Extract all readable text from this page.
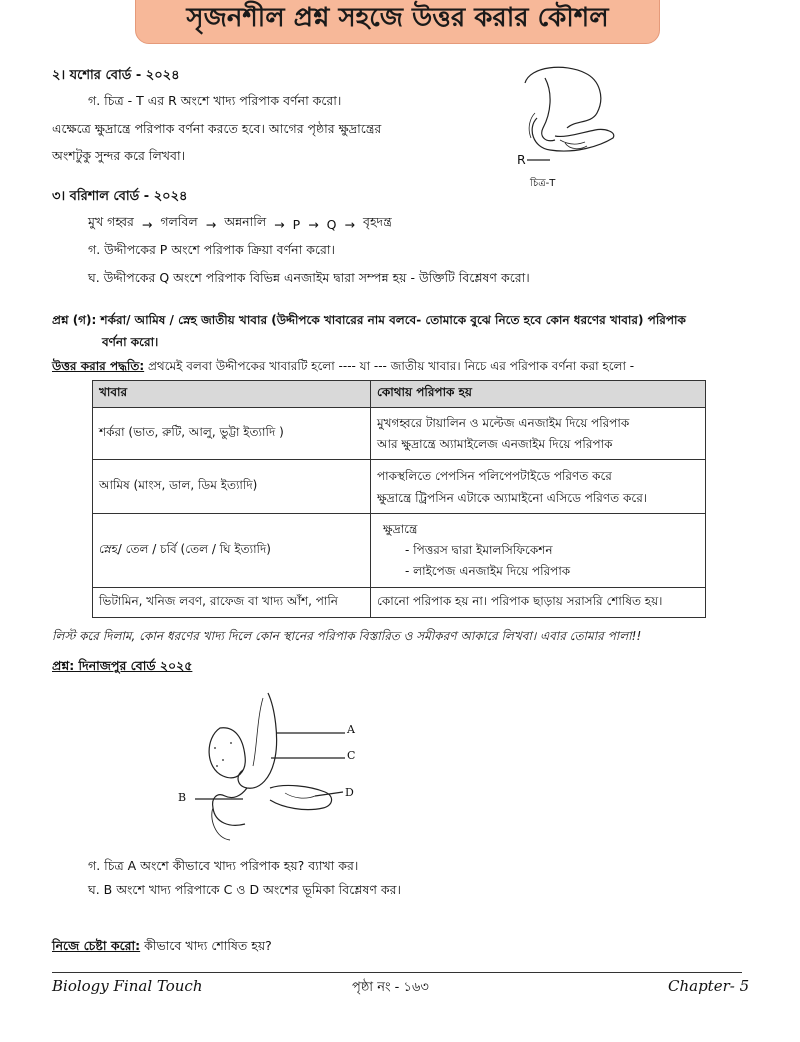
সৃজনশীল প্রশ্ন সহজে উত্তর করার কৌশল
২। যশোর বোর্ড - ২০২৪
গ. চিত্র - T এর R অংশে খাদ্য পরিপাক বর্ণনা করো।
এক্ষেত্রে ক্ষুদ্রান্ত্রে পরিপাক বর্ণনা করতে হবে। আগের পৃষ্ঠার ক্ষুদ্রান্ত্রের
অংশটুকু সুন্দর করে লিখবা।	R
চিত্র-T
৩। বরিশাল বোর্ড - ২০২৪
মুখ গহ্বর → গলবিল → অন্ননালি → P → Q → বৃহদন্ত্র
গ. উদ্দীপকের P অংশে পরিপাক ক্রিয়া বর্ণনা করো।
ঘ. উদ্দীপকের Q অংশে পরিপাক বিভিন্ন এনজাইম দ্বারা সম্পন্ন হয় - উক্তিটি বিশ্লেষণ করো।
প্রশ্ন (গ): শর্করা/ আমিষ / স্নেহ জাতীয় খাবার (উদ্দীপকে খাবারের নাম বলবে- তোমাকে বুঝে নিতে হবে কোন ধরণের খাবার) পরিপাক
বর্ণনা করো।
উত্তর করার পদ্ধতি: প্রথমেই বলবা উদ্দীপকের খাবারটি হলো ---- যা --- জাতীয় খাবার। নিচে এর পরিপাক বর্ণনা করা হলো -
খাবার	কোথায় পরিপাক হয়
শর্করা (ভাত, রুটি, আলু, ভুট্টা ইত্যাদি )	মুখগহ্বরে টায়ালিন ও মল্টেজ এনজাইম দিয়ে পরিপাক
আর ক্ষুদ্রান্ত্রে অ্যামাইলেজ এনজাইম দিয়ে পরিপাক

আমিষ (মাংস, ডাল, ডিম ইত্যাদি)	পাকস্থলিতে পেপসিন পলিপেপটাইডে পরিণত করে
ক্ষুদ্রান্ত্রে ট্রিপসিন এটাকে অ্যামাইনো এসিডে পরিণত করে।

স্নেহ/ তেল / চর্বি (তেল / ঘি ইত্যাদি)	ক্ষুদ্রান্ত্রে
- পিত্তরস দ্বারা ইমালসিফিকেশন
- লাইপেজ এনজাইম দিয়ে পরিপাক

ভিটামিন, খনিজ লবণ, রাফেজ বা খাদ্য আঁশ, পানি	কোনো পরিপাক হয় না। পরিপাক ছাড়ায় সরাসরি শোষিত হয়।
লিস্ট করে দিলাম, কোন ধরণের খাদ্য দিলে কোন স্থানের পরিপাক বিস্তারিত ও সমীকরণ আকারে লিখবা। এবার তোমার পালা!!
প্রশ্ন: দিনাজপুর বোর্ড ২০২৫
A
C
B	D
গ. চিত্র A অংশে কীভাবে খাদ্য পরিপাক হয়? ব্যাখা কর।
ঘ. B অংশে খাদ্য পরিপাকে C ও D অংশের ভূমিকা বিশ্লেষণ কর।
নিজে চেষ্টা করো: কীভাবে খাদ্য শোষিত হয়?
Biology Final Touch	পৃষ্ঠা নং - ১৬৩	Chapter- 5
